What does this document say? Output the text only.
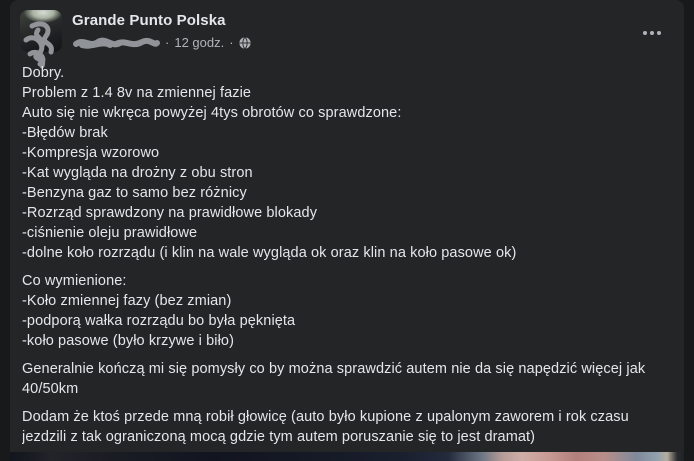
Grande Punto Polska
· 12 godz. ·
Dobry.
Problem z 1.4 8v na zmiennej fazie
Auto się nie wkręca powyżej 4tys obrotów co sprawdzone:
-Błędów brak
-Kompresja wzorowo
-Kat wygląda na drożny z obu stron
-Benzyna gaz to samo bez różnicy
-Rozrząd sprawdzony na prawidłowe blokady
-ciśnienie oleju prawidłowe
-dolne koło rozrządu (i klin na wale wygląda ok oraz klin na koło pasowe ok)
Co wymienione:
-Koło zmiennej fazy (bez zmian)
-podporą wałka rozrządu bo była pęknięta
-koło pasowe (było krzywe i biło)
Generalnie kończą mi się pomysły co by można sprawdzić autem nie da się napędzić więcej jak
40/50km
Dodam że ktoś przede mną robił głowicę (auto było kupione z upalonym zaworem i rok czasu
jezdzili z tak ograniczoną mocą gdzie tym autem poruszanie się to jest dramat)
